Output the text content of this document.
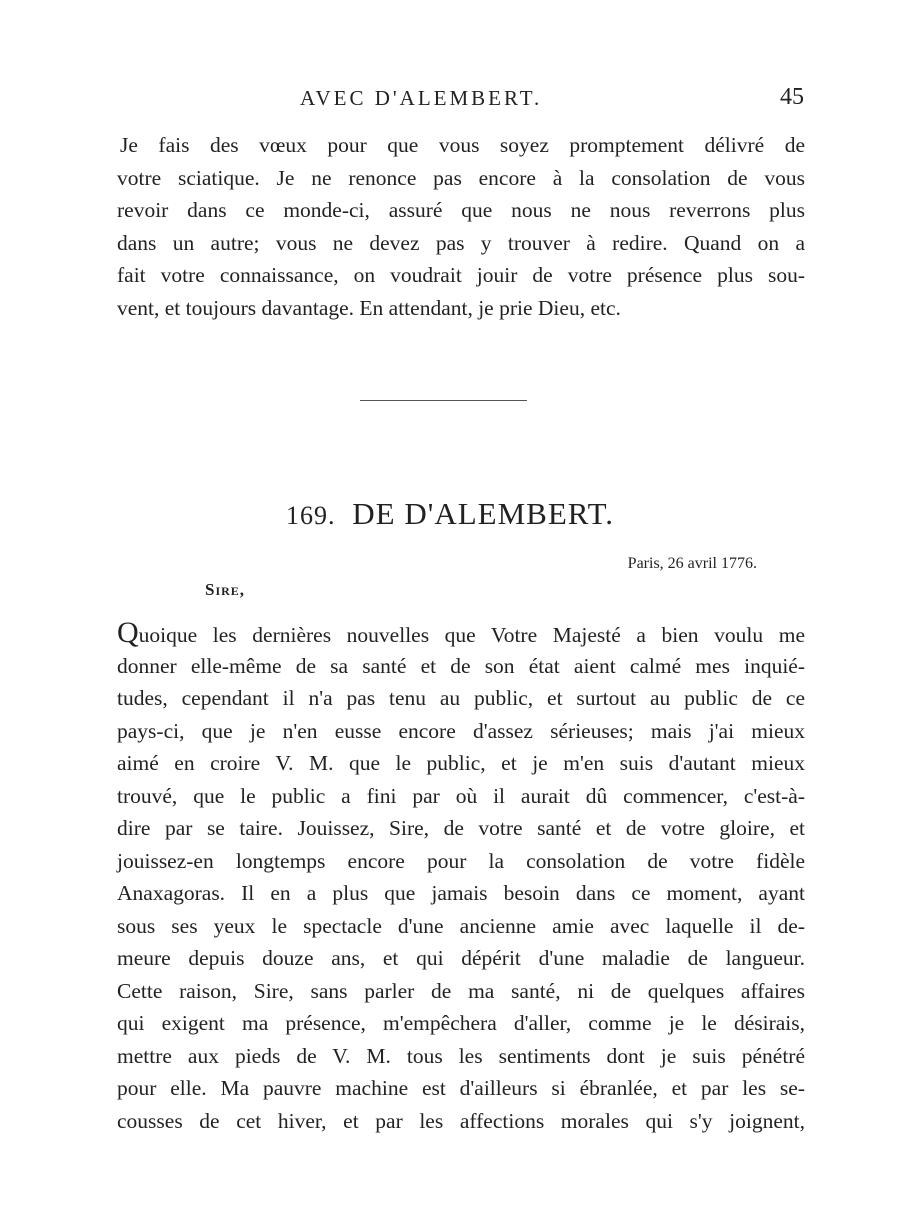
AVEC D'ALEMBERT.	45
Je fais des vœux pour que vous soyez promptement délivré de
votre sciatique. Je ne renonce pas encore à la consolation de vous
revoir dans ce monde-ci, assuré que nous ne nous reverrons plus
dans un autre; vous ne devez pas y trouver à redire. Quand on a
fait votre connaissance, on voudrait jouir de votre présence plus sou-
vent, et toujours davantage. En attendant, je prie Dieu, etc.
169. DE D'ALEMBERT.
Paris, 26 avril 1776.
Sire,
Quoique les dernières nouvelles que Votre Majesté a bien voulu me
donner elle-même de sa santé et de son état aient calmé mes inquié-
tudes, cependant il n'a pas tenu au public, et surtout au public de ce
pays-ci, que je n'en eusse encore d'assez sérieuses; mais j'ai mieux
aimé en croire V. M. que le public, et je m'en suis d'autant mieux
trouvé, que le public a fini par où il aurait dû commencer, c'est-à-
dire par se taire. Jouissez, Sire, de votre santé et de votre gloire, et
jouissez-en longtemps encore pour la consolation de votre fidèle
Anaxagoras. Il en a plus que jamais besoin dans ce moment, ayant
sous ses yeux le spectacle d'une ancienne amie avec laquelle il de-
meure depuis douze ans, et qui dépérit d'une maladie de langueur.
Cette raison, Sire, sans parler de ma santé, ni de quelques affaires
qui exigent ma présence, m'empêchera d'aller, comme je le désirais,
mettre aux pieds de V. M. tous les sentiments dont je suis pénétré
pour elle. Ma pauvre machine est d'ailleurs si ébranlée, et par les se-
cousses de cet hiver, et par les affections morales qui s'y joignent,
